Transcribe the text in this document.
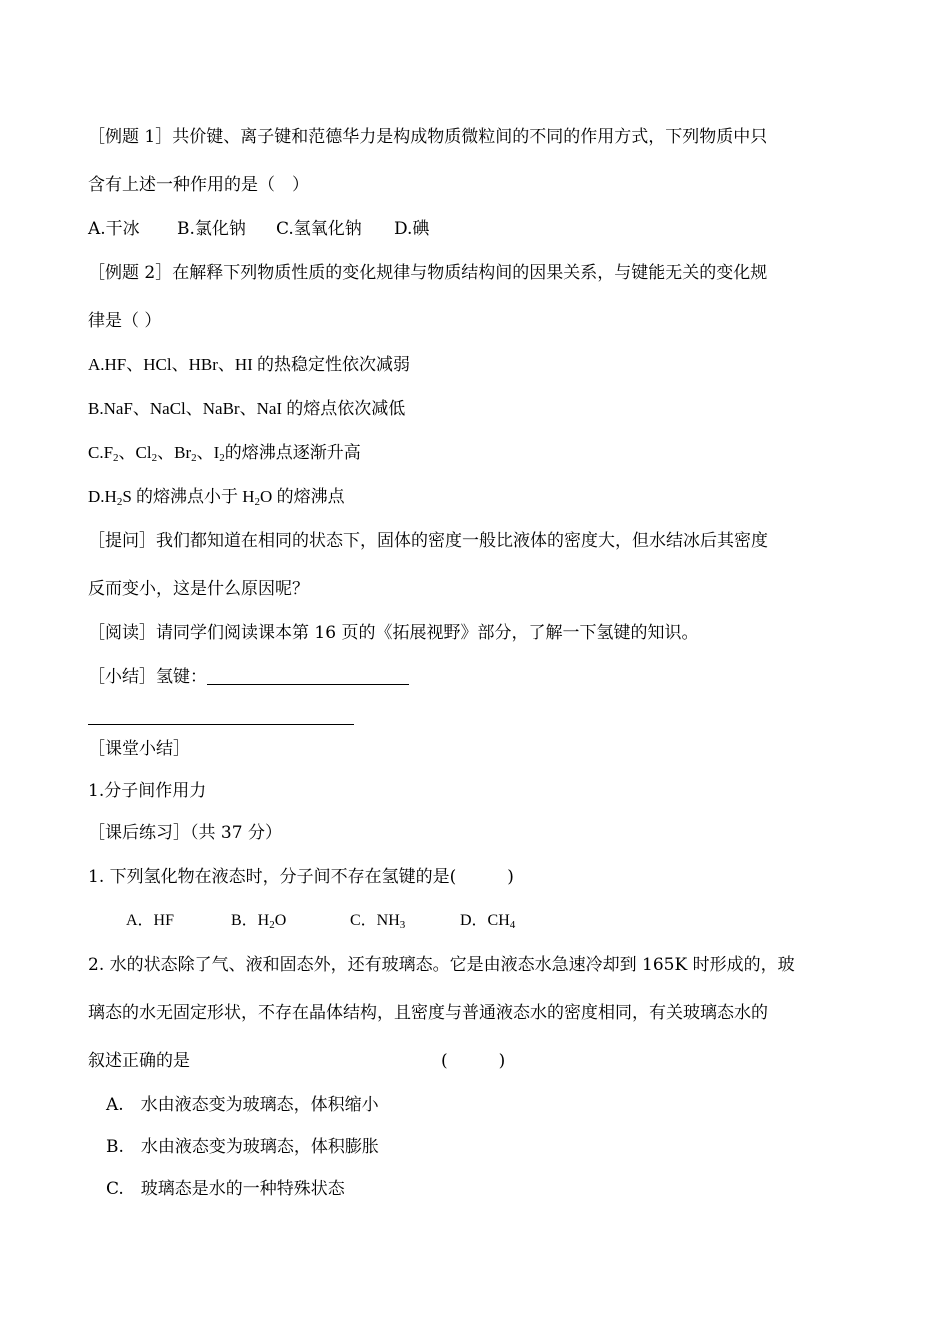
［例题 1］共价键、离子键和范德华力是构成物质微粒间的不同的作用方式，下列物质中只
含有上述一种作用的是（　）
A.干冰 B.氯化钠 C.氢氧化钠 D.碘
［例题 2］在解释下列物质性质的变化规律与物质结构间的因果关系，与键能无关的变化规
律是（ ）
A.HF、HCl、HBr、HI 的热稳定性依次减弱
B.NaF、NaCl、NaBr、NaI 的熔点依次减低
$C.F_2$、$Cl_2$、$Br_2$、$I_2$的熔沸点逐渐升高
$D.H_2S$ 的熔沸点小于 $H_2O$ 的熔沸点
［提问］我们都知道在相同的状态下，固体的密度一般比液体的密度大，但水结冰后其密度
反而变小，这是什么原因呢？
［阅读］请同学们阅读课本第 16 页的《拓展视野》部分，了解一下氢键的知识。
［小结］氢键：
［课堂小结］
1.分子间作用力
［课后练习］（共 37 分）
1. 下列氢化物在液态时，分子间不存在氢键的是(　　　)
A．HF	B．$H_2O$	C．$NH_3$	D．$CH_4$
2. 水的状态除了气、液和固态外，还有玻璃态。它是由液态水急速冷却到 165K 时形成的，玻
璃态的水无固定形状，不存在晶体结构，且密度与普通液态水的密度相同，有关玻璃态水的
叙述正确的是	(　　　)
A.　水由液态变为玻璃态，体积缩小
B.　水由液态变为玻璃态，体积膨胀
C.　玻璃态是水的一种特殊状态
